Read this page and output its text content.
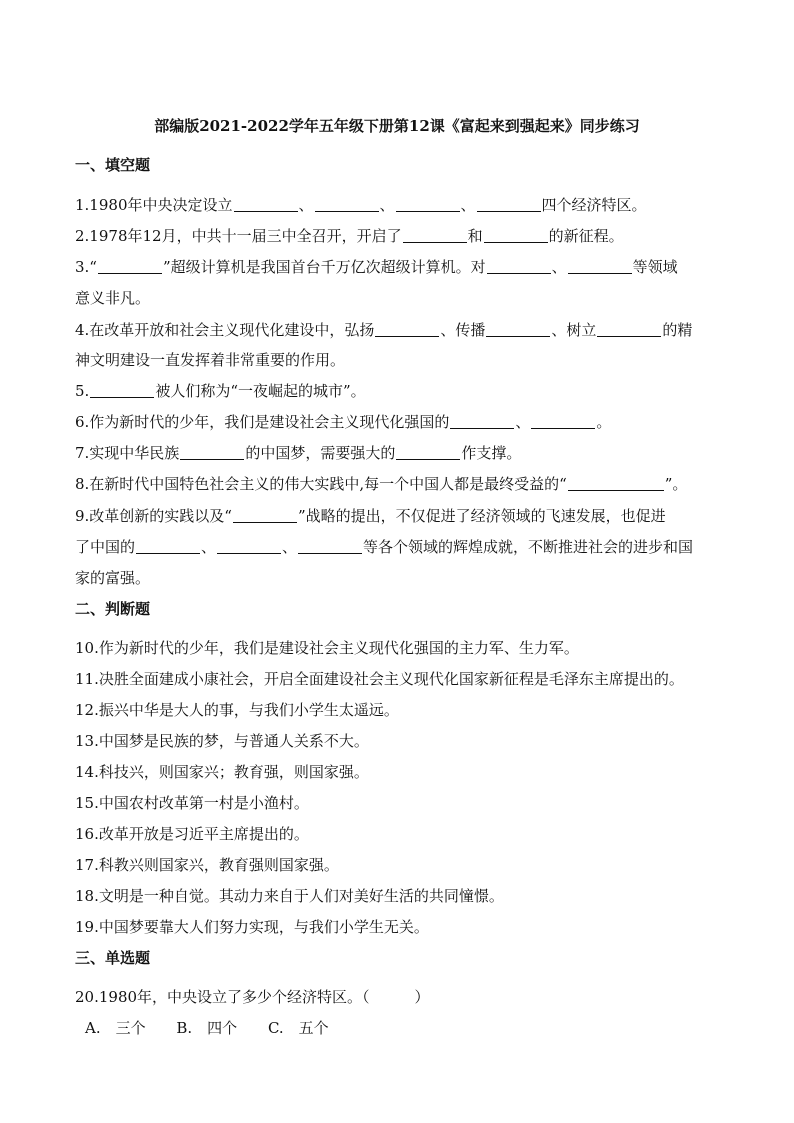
部编版2021-2022学年五年级下册第12课《富起来到强起来》同步练习
一、填空题
1.1980年中央决定设立	、	、	、	四个经济特区。
2.1978年12月，中共十一届三中全召开，开启了	和	的新征程。
3.“	”超级计算机是我国首台千万亿次超级计算机。对	、	等领域
意义非凡。
4.在改革开放和社会主义现代化建设中，弘扬	、传播	、树立	的精
神文明建设一直发挥着非常重要的作用。
5.	被人们称为“一夜崛起的城市”。
6.作为新时代的少年，我们是建设社会主义现代化强国的	、	。
7.实现中华民族	的中国梦，需要强大的	作支撑。
8.在新时代中国特色社会主义的伟大实践中,每一个中国人都是最终受益的“	”。
9.改革创新的实践以及“	”战略的提出，不仅促进了经济领域的飞速发展，也促进
了中国的	、	、	等各个领域的辉煌成就，不断推进社会的进步和国
家的富强。
二、判断题
10.作为新时代的少年，我们是建设社会主义现代化强国的主力军、生力军。
11.决胜全面建成小康社会，开启全面建设社会主义现代化国家新征程是毛泽东主席提出的。
12.振兴中华是大人的事，与我们小学生太遥远。
13.中国梦是民族的梦，与普通人关系不大。
14.科技兴，则国家兴；教育强，则国家强。
15.中国农村改革第一村是小渔村。
16.改革开放是习近平主席提出的。
17.科教兴则国家兴，教育强则国家强。
18.文明是一种自觉。其动力来自于人们对美好生活的共同憧憬。
19.中国梦要靠大人们努力实现，与我们小学生无关。
三、单选题
20.1980年，中央设立了多少个经济特区。（　　　）
A.　三个 B.　四个 C.　五个
